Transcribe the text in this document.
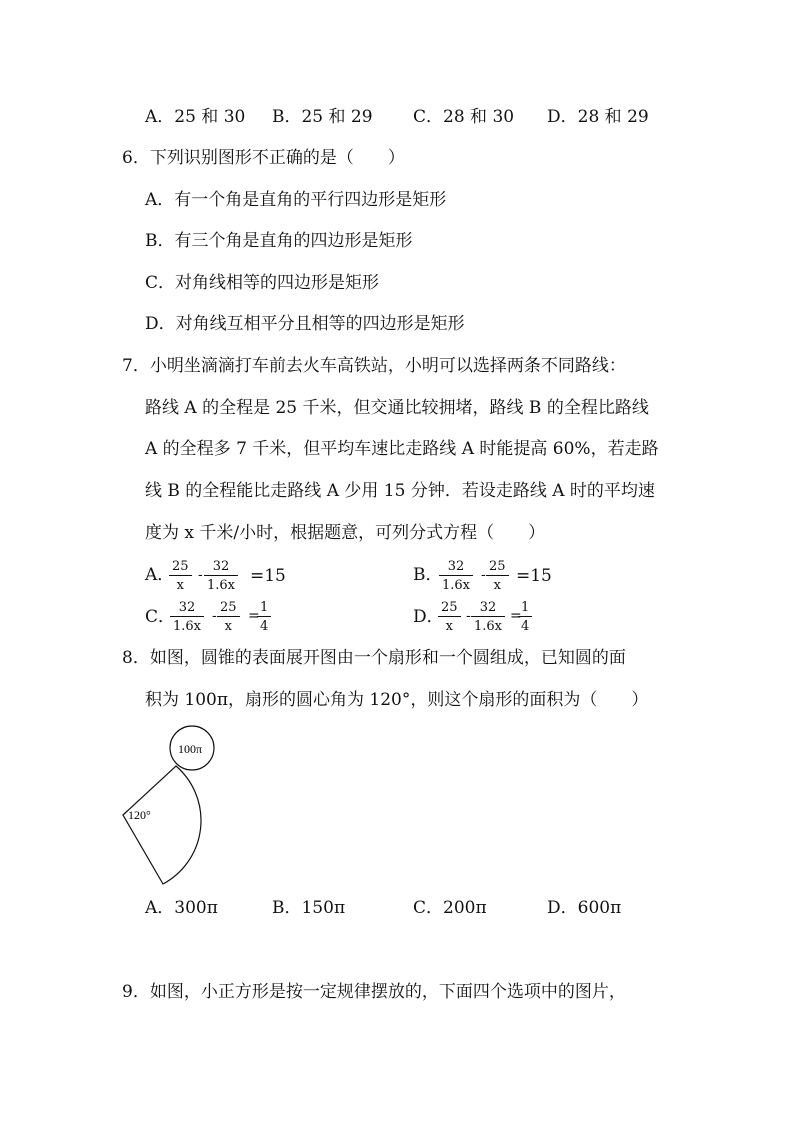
A．25 和 30 B．25 和 29 C．28 和 30 D．28 和 29
6．下列识别图形不正确的是（　　）
A．有一个角是直角的平行四边形是矩形
B．有三个角是直角的四边形是矩形
C．对角线相等的四边形是矩形
D．对角线互相平分且相等的四边形是矩形
7．小明坐滴滴打车前去火车高铁站，小明可以选择两条不同路线：
路线 A 的全程是 25 千米，但交通比较拥堵，路线 B 的全程比路线
A 的全程多 7 千米，但平均车速比走路线 A 时能提高 60%，若走路
线 B 的全程能比走路线 A 少用 15 分钟．若设走路线 A 时的平均速
度为 x 千米/小时，根据题意，可列分式方程（　　）
A．
$\frac{25}{x} - \frac{32}{1.6x} =15$	B．
$\frac{32}{1.6x} - \frac{25}{x} =15$
C．
$\frac{32}{1.6x} - \frac{25}{x}$ =
$\frac{1}{4}$	D．
$\frac{25}{x} - \frac{32}{1.6x}$ =
$\frac{1}{4}$
8．如图，圆锥的表面展开图由一个扇形和一个圆组成，已知圆的面
积为 100π，扇形的圆心角为 120°，则这个扇形的面积为（　　）
100π
120°
A．300π	B．150π	C．200π	D．600π
9．如图，小正方形是按一定规律摆放的，下面四个选项中的图片，
